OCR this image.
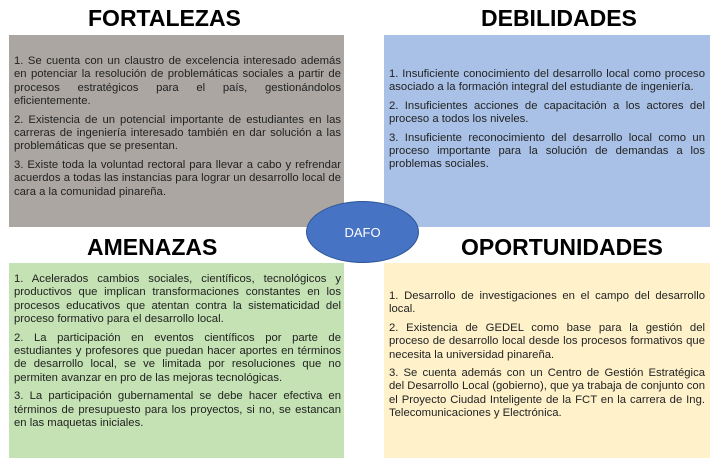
FORTALEZAS	DEBILIDADES
AMENAZAS	OPORTUNIDADES

1. Se cuenta con un claustro de excelencia interesado además en potenciar la resolución de problemáticas sociales a partir de procesos estratégicos para el país, gestionándolos eficientemente.

2. Existencia de un potencial importante de estudiantes en las carreras de ingeniería interesado también en dar solución a las problemáticas que se presentan.

3. Existe toda la voluntad rectoral para llevar a cabo y refrendar acuerdos a todas las instancias para lograr un desarrollo local de cara a la comunidad pinareña.

1. Insuficiente conocimiento del desarrollo local como proceso asociado a la formación integral del estudiante de ingeniería.

2. Insuficientes acciones de capacitación a los actores del proceso a todos los niveles.

3. Insuficiente reconocimiento del desarrollo local como un proceso importante para la solución de demandas a los problemas sociales.

1. Acelerados cambios sociales, científicos, tecnológicos y productivos que implican transformaciones constantes en los procesos educativos que atentan contra la sistematicidad del proceso formativo para el desarrollo local.

2. La participación en eventos científicos por parte de estudiantes y profesores que puedan hacer aportes en términos de desarrollo local, se ve limitada por resoluciones que no permiten avanzar en pro de las mejoras tecnológicas.

3. La participación gubernamental se debe hacer efectiva en términos de presupuesto para los proyectos, si no, se estancan en las maquetas iniciales.

1. Desarrollo de investigaciones en el campo del desarrollo local.

2. Existencia de GEDEL como base para la gestión del proceso de desarrollo local desde los procesos formativos que necesita la universidad pinareña.

3. Se cuenta además con un Centro de Gestión Estratégica del Desarrollo Local (gobierno), que ya trabaja de conjunto con el Proyecto Ciudad Inteligente de la FCT en la carrera de Ing. Telecomunicaciones y Electrónica.

DAFO
